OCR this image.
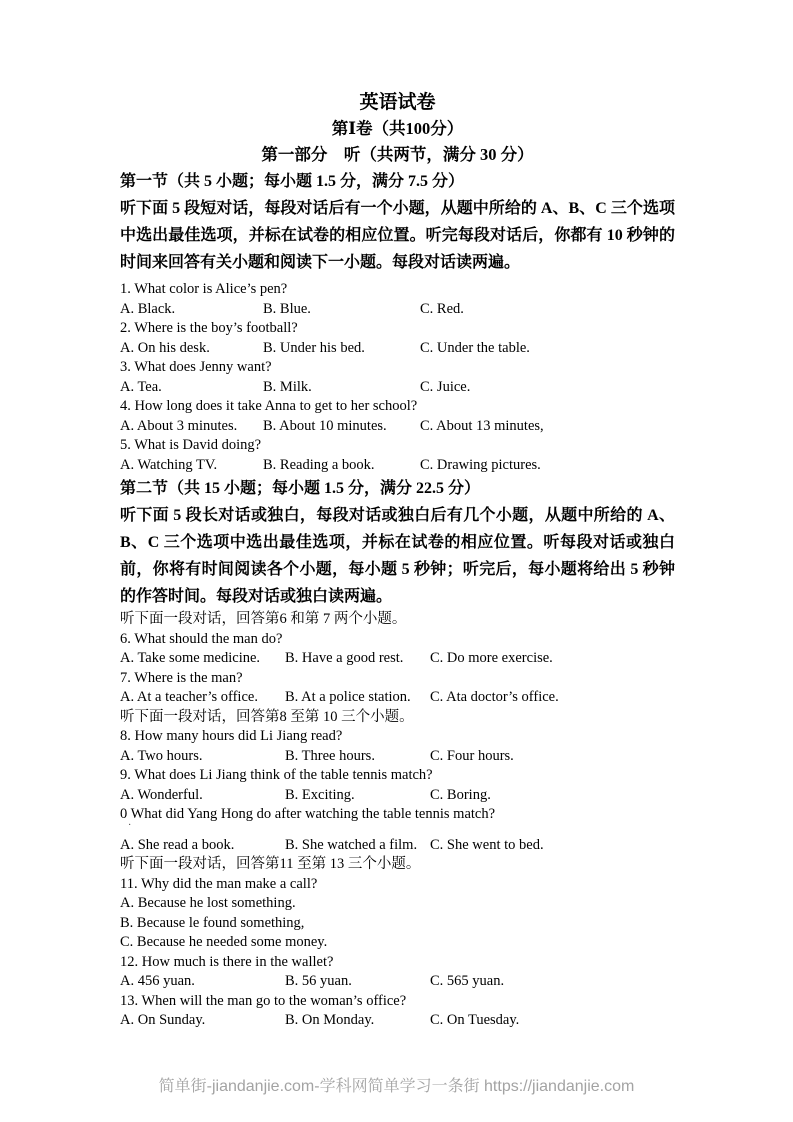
英语试卷
第Ⅰ卷（共100分）
第一部分　听（共两节，满分 30 分）
第一节（共 5 小题；每小题 1.5 分，满分 7.5 分）

听下面 5 段短对话，每段对话后有一个小题，从题中所给的 A、B、C 三个选项中选出最佳选项，并标在试卷的相应位置。听完每段对话后，你都有 10 秒钟的时间来回答有关小题和阅读下一小题。每段对话读两遍。

1. What color is Alice’s pen?
A. Black.	B. Blue.	C. Red.
2. Where is the boy’s football?
A. On his desk.	B. Under his bed.	C. Under the table.
3. What does Jenny want?
A. Tea.	B. Milk.	C. Juice.
4. How long does it take Anna to get to her school?
A. About 3 minutes.	B. About 10 minutes.	C. About 13 minutes,
5. What is David doing?
A. Watching TV.	B. Reading a book.	C. Drawing pictures.
第二节（共 15 小题；每小题 1.5 分，满分 22.5 分）

听下面 5 段长对话或独白，每段对话或独白后有几个小题，从题中所给的 A、B、C 三个选项中选出最佳选项，并标在试卷的相应位置。听每段对话或独白前，你将有时间阅读各个小题，每小题 5 秒钟；听完后，每小题将给出 5 秒钟的作答时间。每段对话或独白读两遍。

听下面一段对话，回答第6 和第 7 两个小题。
6. What should the man do?
A. Take some medicine.	B. Have a good rest.	C. Do more exercise.
7. Where is the man?
A. At a teacher’s office.	B. At a police station.	C. Ata doctor’s office.
听下面一段对话，回答第8 至第 10 三个小题。
8. How many hours did Li Jiang read?
A. Two hours.	B. Three hours.	C. Four hours.
9. What does Li Jiang think of the table tennis match?
A. Wonderful.	B. Exciting.	C. Boring.
·
0 What did Yang Hong do after watching the table tennis match?
A. She read a book.	B. She watched a film. C. She went to bed.
听下面一段对话，回答第11 至第 13 三个小题。
11. Why did the man make a call?
A. Because he lost something.
B. Because le found something,
C. Because he needed some money.
12. How much is there in the wallet?
A. 456 yuan.	B. 56 yuan.	C. 565 yuan.
13. When will the man go to the woman’s office?
A. On Sunday.	B. On Monday.	C. On Tuesday.
简单街-jiandanjie.com-学科网简单学习一条街 https://jiandanjie.com
